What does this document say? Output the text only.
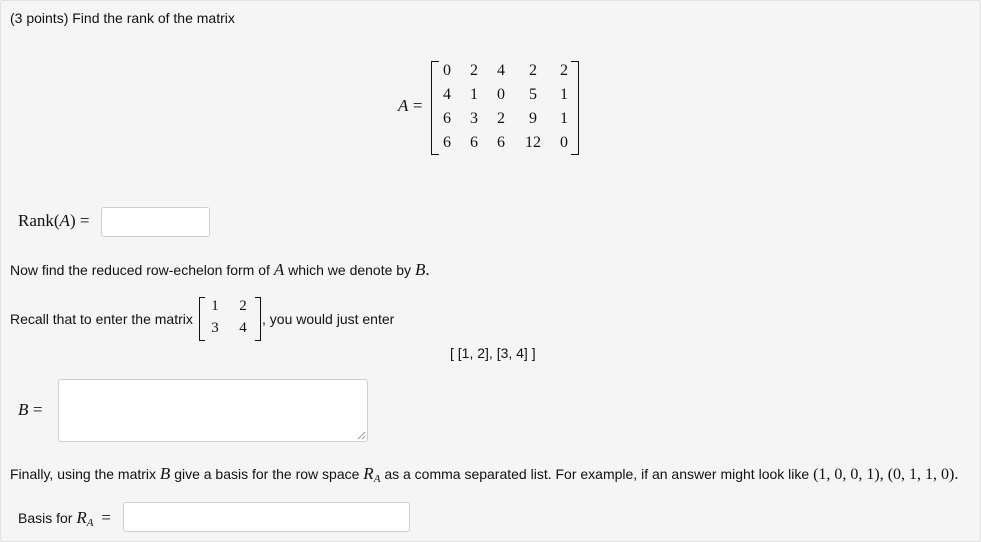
(3 points) Find the rank of the matrix
A =
0	2	4	2	2
4	1	0	5	1
6	3	2	9	1
6	6	6	12	0
Rank(A) =
Now find the reduced row-echelon form of A which we denote by B.
Recall that to enter the matrix
1	2
3	4
, you would just enter
[ [1, 2], [3, 4] ]
B =
Finally, using the matrix B give a basis for the row space $R_A$ as a comma separated list. For example, if an answer might look like (1, 0, 0, 1), (0, 1, 1, 0).
Basis for $R_A$ =
